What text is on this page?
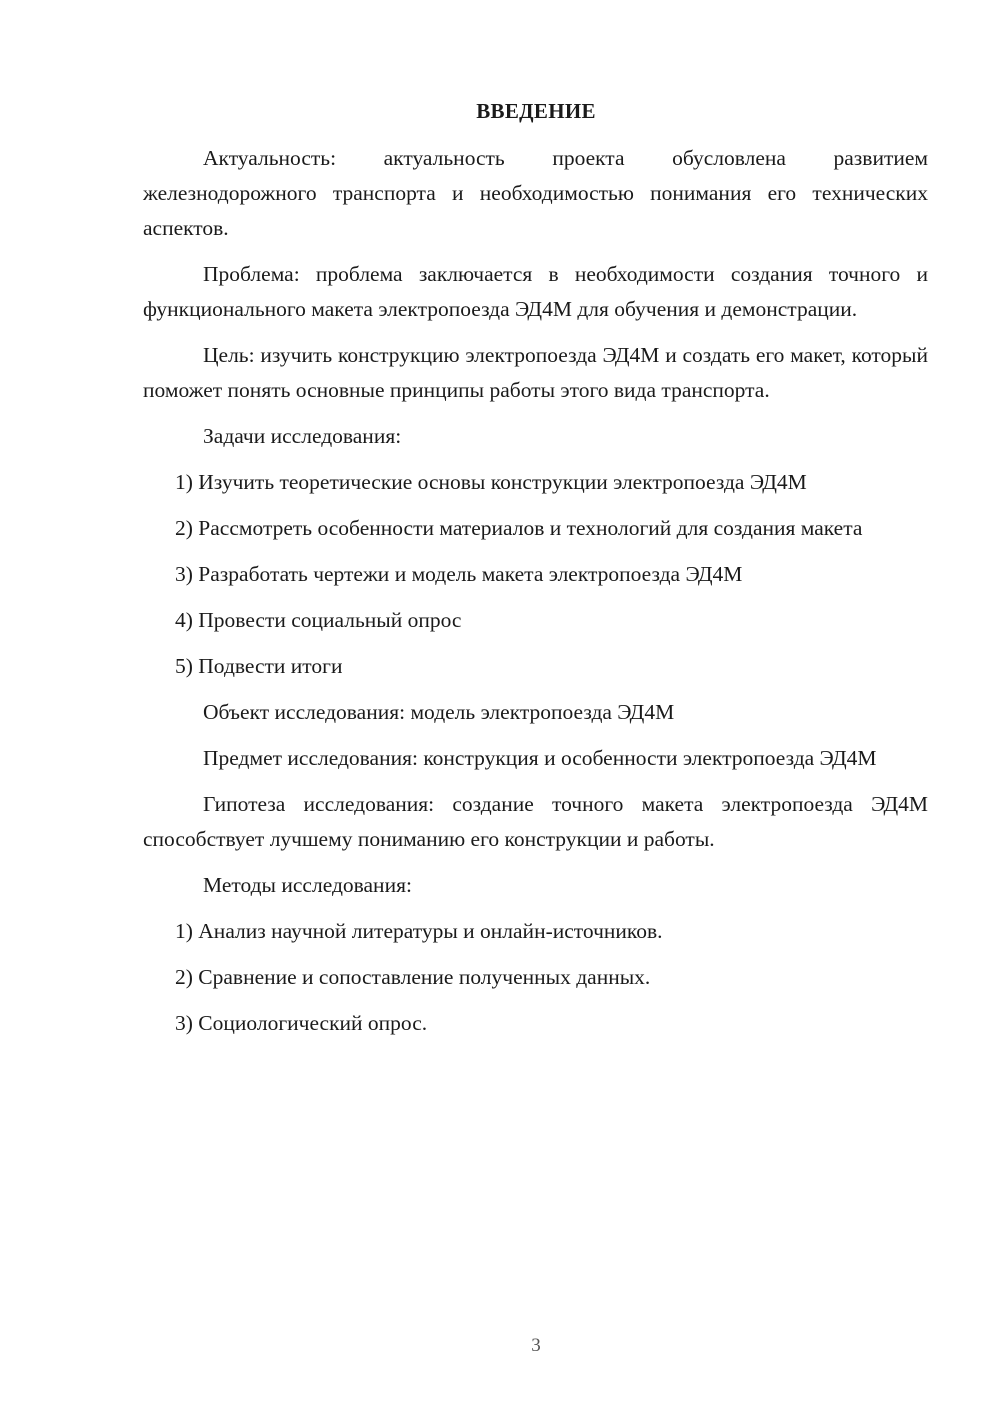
ВВЕДЕНИЕ

Актуальность: актуальность проекта обусловлена развитием железнодорожного транспорта и необходимостью понимания его технических аспектов.

Проблема: проблема заключается в необходимости создания точного и функционального макета электропоезда ЭД4М для обучения и демонстрации.

Цель: изучить конструкцию электропоезда ЭД4М и создать его макет, который поможет понять основные принципы работы этого вида транспорта.

Задачи исследования:

1) Изучить теоретические основы конструкции электропоезда ЭД4М

2) Рассмотреть особенности материалов и технологий для создания макета

3) Разработать чертежи и модель макета электропоезда ЭД4М

4) Провести социальный опрос

5) Подвести итоги

Объект исследования: модель электропоезда ЭД4М

Предмет исследования: конструкция и особенности электропоезда ЭД4М

Гипотеза исследования: создание точного макета электропоезда ЭД4М способствует лучшему пониманию его конструкции и работы.

Методы исследования:

1) Анализ научной литературы и онлайн-источников.

2) Сравнение и сопоставление полученных данных.

3) Социологический опрос.

3
